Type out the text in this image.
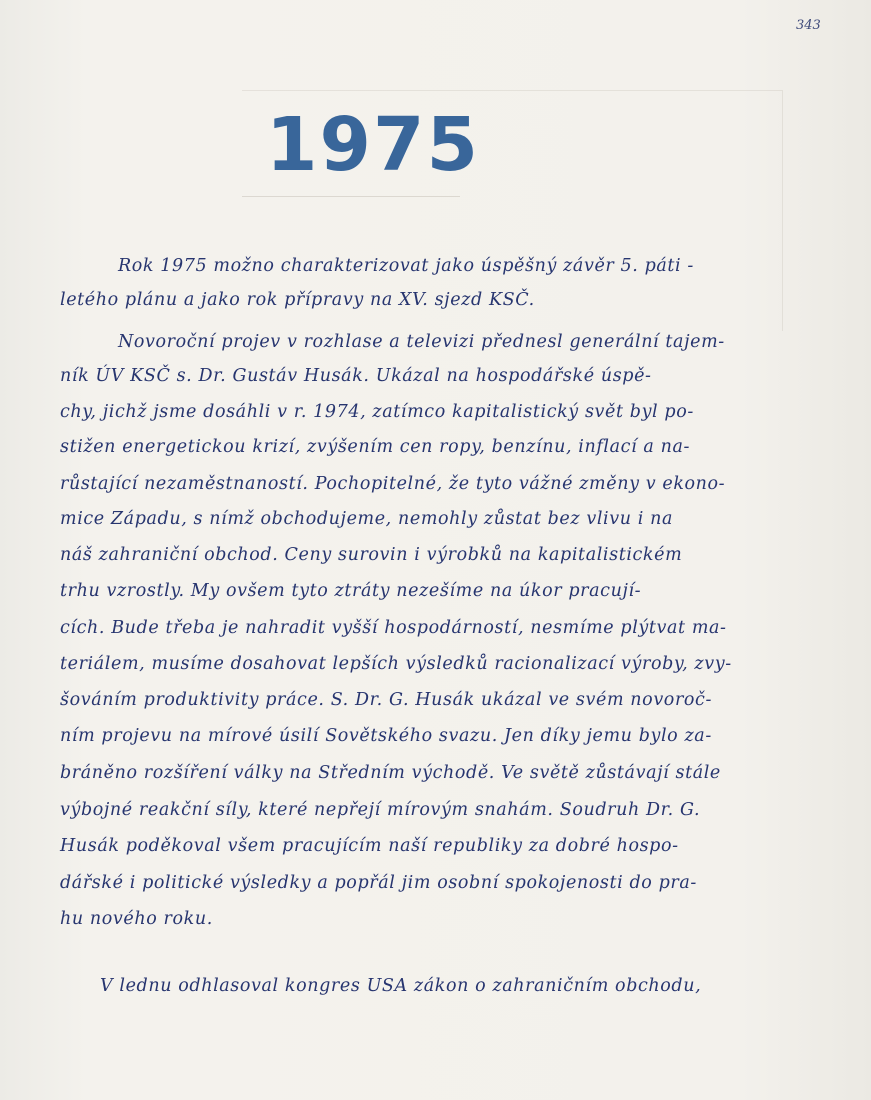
343
1975
Rok 1975 možno charakterizovat jako úspěšný závěr 5. páti -
letého plánu a jako rok přípravy na XV. sjezd KSČ.
Novoroční projev v rozhlase a televizi přednesl generální tajem-
ník ÚV KSČ s. Dr. Gustáv Husák. Ukázal na hospodářské úspě-
chy, jichž jsme dosáhli v r. 1974, zatímco kapitalistický svět byl po-
stižen energetickou krizí, zvýšením cen ropy, benzínu, inflací a na-
růstající nezaměstnaností. Pochopitelné, že tyto vážné změny v ekono-
mice Západu, s nímž obchodujeme, nemohly zůstat bez vlivu i na
náš zahraniční obchod. Ceny surovin i výrobků na kapitalistickém
trhu vzrostly. My ovšem tyto ztráty nezešíme na úkor pracují-
cích. Bude třeba je nahradit vyšší hospodárností, nesmíme plýtvat ma-
teriálem, musíme dosahovat lepších výsledků racionalizací výroby, zvy-
šováním produktivity práce. S. Dr. G. Husák ukázal ve svém novoroč-
ním projevu na mírové úsilí Sovětského svazu. Jen díky jemu bylo za-
bráněno rozšíření války na Středním východě. Ve světě zůstávají stále
výbojné reakční síly, které nepřejí mírovým snahám. Soudruh Dr. G.
Husák poděkoval všem pracujícím naší republiky za dobré hospo-
dářské i politické výsledky a popřál jim osobní spokojenosti do pra-
hu nového roku.
V lednu odhlasoval kongres USA zákon o zahraničním obchodu,
